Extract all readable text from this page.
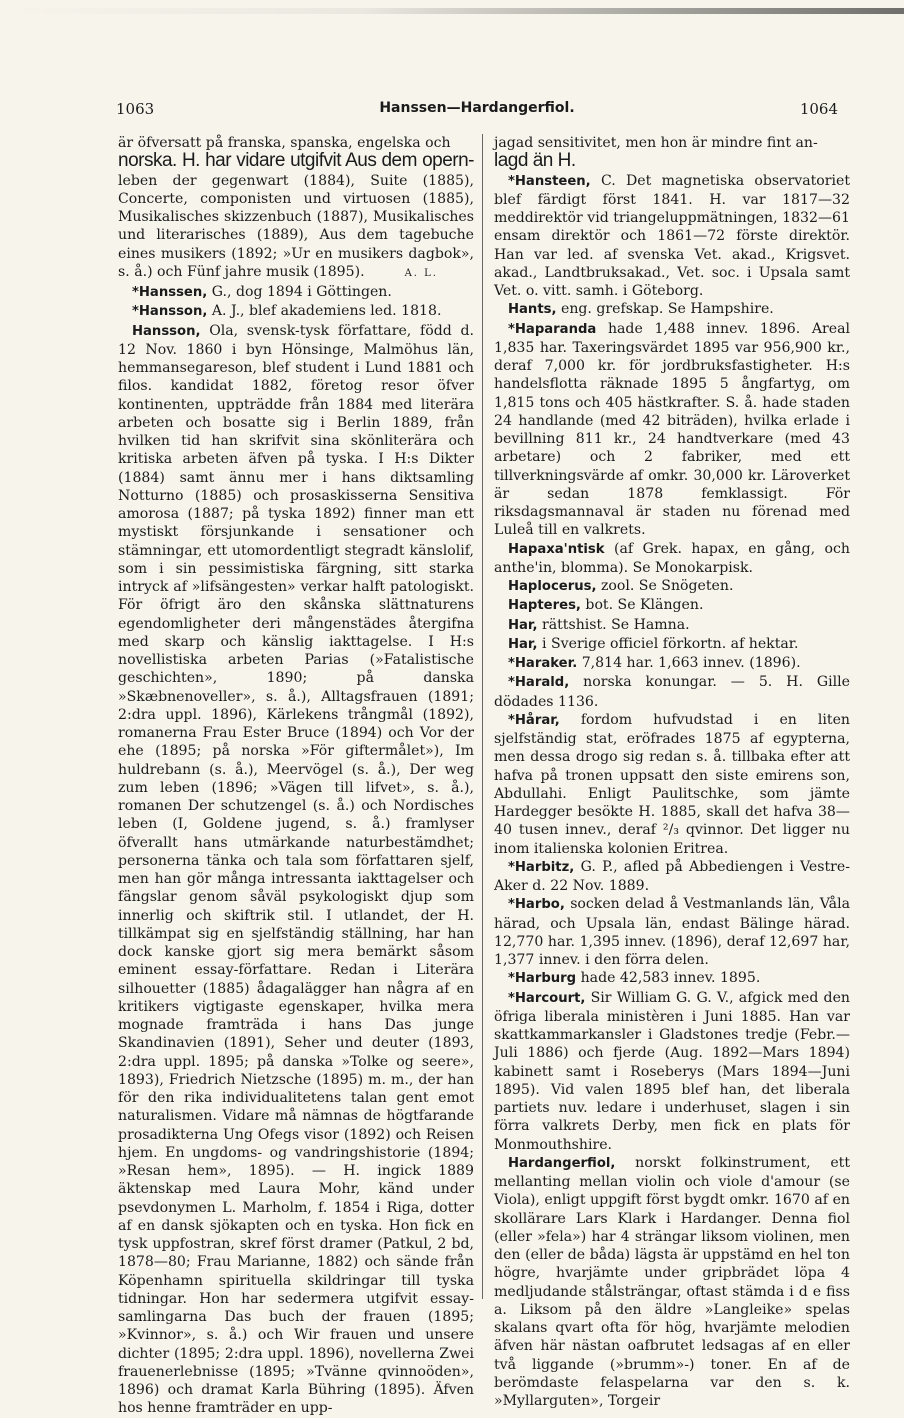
1063	Hanssen—Hardangerfiol.	1064

är öfversatt på franska, spanska, engelska och

norska. H. har vidare utgifvit Aus dem opern- leben der gegenwart (1884), Suite (1885), Concerte, componisten und virtuosen (1885), Musikalisches skizzenbuch (1887), Musikalisches und literarisches (1889), Aus dem tagebuche eines musikers (1892; »Ur en musikers dagbok», s. å.) och Fünf jahre musik (1895).	A. L.

*Hanssen, G., dog 1894 i Göttingen.

*Hansson, A. J., blef akademiens led. 1818.

Hansson, Ola, svensk-tysk författare, född d. 12 Nov. 1860 i byn Hönsinge, Malmöhus län, hemmansegareson, blef student i Lund 1881 och filos. kandidat 1882, företog resor öfver kontinenten, uppträdde från 1884 med literära arbeten och bosatte sig i Berlin 1889, från hvilken tid han skrifvit sina skönliterära och kritiska arbeten äfven på tyska. I H:s Dikter (1884) samt ännu mer i hans diktsamling Notturno (1885) och prosaskisserna Sensitiva amorosa (1887; på tyska 1892) finner man ett mystiskt försjunkande i sensationer och stämningar, ett utomordentligt stegradt känslolif, som i sin pessimistiska färgning, sitt starka intryck af »lifsängesten» verkar halft patologiskt. För öfrigt äro den skånska slättnaturens egendomligheter deri mångenstädes återgifna med skarp och känslig iakttagelse. I H:s novellistiska arbeten Parias (»Fatalistische geschichten», 1890; på danska »Skæbnenoveller», s. å.), Alltagsfrauen (1891; 2:dra uppl. 1896), Kärlekens trångmål (1892), romanerna Frau Ester Bruce (1894) och Vor der ehe (1895; på norska »För giftermålet»), Im huldrebann (s. å.), Meervögel (s. å.), Der weg zum leben (1896; »Vägen till lifvet», s. å.), romanen Der schutzengel (s. å.) och Nordisches leben (I, Goldene jugend, s. å.) framlyser öfverallt hans utmärkande naturbestämdhet; personerna tänka och tala som författaren sjelf, men han gör många intressanta iakttagelser och fängslar genom såväl psykologiskt djup som innerlig och skiftrik stil. I utlandet, der H. tillkämpat sig en sjelfständig ställning, har han dock kanske gjort sig mera bemärkt såsom eminent essay-författare. Redan i Literära silhouetter (1885) ådagalägger han några af en kritikers vigtigaste egenskaper, hvilka mera mognade framträda i hans Das junge Skandinavien (1891), Seher und deuter (1893, 2:dra uppl. 1895; på danska »Tolke og seere», 1893), Friedrich Nietzsche (1895) m. m., der han för den rika individualitetens talan gent emot naturalismen. Vidare må nämnas de högtfarande prosadikterna Ung Ofegs visor (1892) och Reisen hjem. En ungdoms- og vandringshistorie (1894; »Resan hem», 1895). — H. ingick 1889 äktenskap med Laura Mohr, känd under psevdonymen L. Marholm, f. 1854 i Riga, dotter af en dansk sjökapten och en tyska. Hon fick en tysk uppfostran, skref först dramer (Patkul, 2 bd, 1878—80; Frau Marianne, 1882) och sände från Köpenhamn spirituella skildringar till tyska tidningar. Hon har sedermera utgifvit essay-samlingarna Das buch der frauen (1895; »Kvinnor», s. å.) och Wir frauen und unsere dichter (1895; 2:dra uppl. 1896), novellerna Zwei frauenerlebnisse (1895; »Tvänne qvinnoöden», 1896) och dramat Karla Bühring (1895). Äfven hos henne framträder en upp-

jagad sensitivitet, men hon är mindre fint an-

lagd än H.

*Hansteen, C. Det magnetiska observatoriet blef färdigt först 1841. H. var 1817—32 meddirektör vid triangeluppmätningen, 1832—61 ensam direktör och 1861—72 förste direktör. Han var led. af svenska Vet. akad., Krigsvet. akad., Landtbruksakad., Vet. soc. i Upsala samt Vet. o. vitt. samh. i Göteborg.

Hants, eng. grefskap. Se Hampshire.

*Haparanda hade 1,488 innev. 1896. Areal 1,835 har. Taxeringsvärdet 1895 var 956,900 kr., deraf 7,000 kr. för jordbruksfastigheter. H:s handelsflotta räknade 1895 5 ångfartyg, om 1,815 tons och 405 hästkrafter. S. å. hade staden 24 handlande (med 42 biträden), hvilka erlade i bevillning 811 kr., 24 handtverkare (med 43 arbetare) och 2 fabriker, med ett tillverkningsvärde af omkr. 30,000 kr. Läroverket är sedan 1878 femklassigt. För riksdagsmannaval är staden nu förenad med Luleå till en valkrets.

Hapaxa'ntisk (af Grek. hapax, en gång, och anthe'in, blomma). Se Monokarpisk.

Haplocerus, zool. Se Snögeten.

Hapteres, bot. Se Klängen.

Har, rättshist. Se Hamna.

Har, i Sverige officiel förkortn. af hektar.

*Haraker. 7,814 har. 1,663 innev. (1896).

*Harald, norska konungar. — 5. H. Gille dödades 1136.

*Hårar, fordom hufvudstad i en liten sjelfständig stat, eröfrades 1875 af egypterna, men dessa drogo sig redan s. å. tillbaka efter att hafva på tronen uppsatt den siste emirens son, Abdullahi. Enligt Paulitschke, som jämte Hardegger besökte H. 1885, skall det hafva 38—40 tusen innev., deraf ²/₃ qvinnor. Det ligger nu inom italienska kolonien Eritrea.

*Harbitz, G. P., afled på Abbediengen i Vestre-Aker d. 22 Nov. 1889.

*Harbo, socken delad å Vestmanlands län, Våla härad, och Upsala län, endast Bälinge härad. 12,770 har. 1,395 innev. (1896), deraf 12,697 har, 1,377 innev. i den förra delen.

*Harburg hade 42,583 innev. 1895.

*Harcourt, Sir William G. G. V., afgick med den öfriga liberala ministèren i Juni 1885. Han var skattkammarkansler i Gladstones tredje (Febr.—Juli 1886) och fjerde (Aug. 1892—Mars 1894) kabinett samt i Roseberys (Mars 1894—Juni 1895). Vid valen 1895 blef han, det liberala partiets nuv. ledare i underhuset, slagen i sin förra valkrets Derby, men fick en plats för Monmouthshire.

Hardangerfiol, norskt folkinstrument, ett mellanting mellan violin och viole d'amour (se Viola), enligt uppgift först bygdt omkr. 1670 af en skollärare Lars Klark i Hardanger. Denna fiol (eller »fela») har 4 strängar liksom violinen, men den (eller de båda) lägsta är uppstämd en hel ton högre, hvarjämte under gripbrädet löpa 4 medljudande stålsträngar, oftast stämda i d e fiss a. Liksom på den äldre »Langleike» spelas skalans qvart ofta för hög, hvarjämte melodien äfven här nästan oafbrutet ledsagas af en eller två liggande (»brumm»-) toner. En af de berömdaste felaspelarna var den s. k. »Myllarguten», Torgeir
